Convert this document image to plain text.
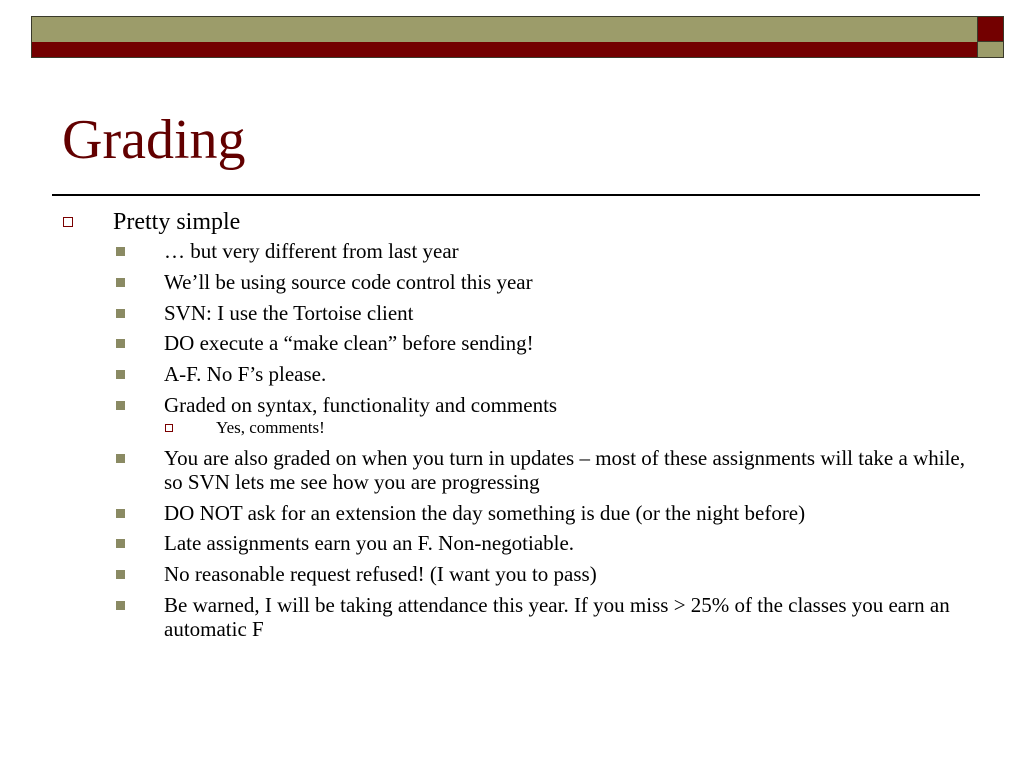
Grading
Pretty simple
… but very different from last year
We’ll be using source code control this year
SVN: I use the Tortoise client
DO execute a “make clean” before sending!
A-F. No F’s please.
Graded on syntax, functionality and comments
Yes, comments!
You are also graded on when you turn in updates – most of these assignments will take a while, so SVN lets me see how you are progressing
DO NOT ask for an extension the day something is due (or the night before)
Late assignments earn you an F. Non-negotiable.
No reasonable request refused! (I want you to pass)
Be warned, I will be taking attendance this year. If you miss > 25% of the classes you earn an automatic F
